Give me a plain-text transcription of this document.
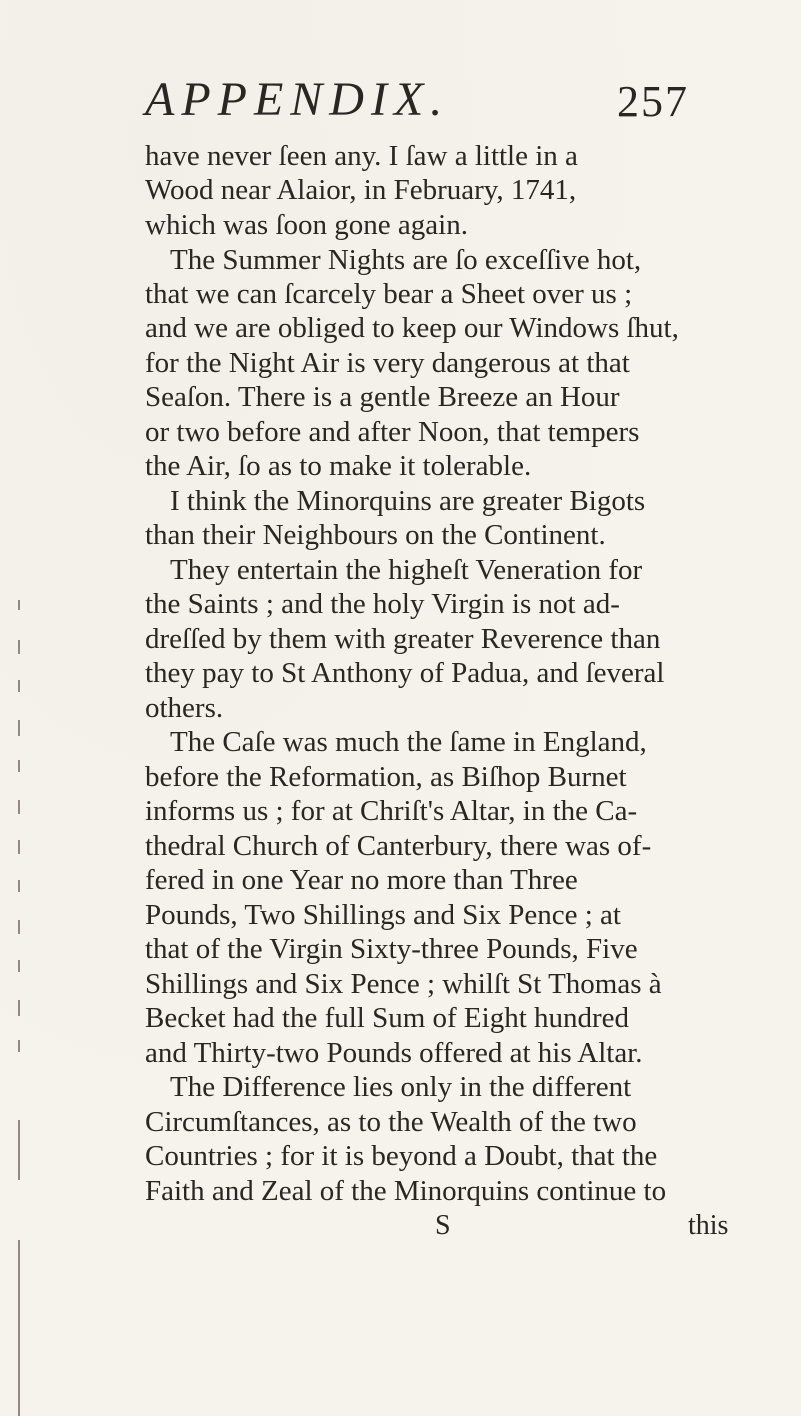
APPENDIX.	257
have never ſeen any. I ſaw a little in a
Wood near Alaior, in February, 1741,
which was ſoon gone again.
The Summer Nights are ſo exceſſive hot,
that we can ſcarcely bear a Sheet over us ;
and we are obliged to keep our Windows ſhut,
for the Night Air is very dangerous at that
Seaſon. There is a gentle Breeze an Hour
or two before and after Noon, that tempers
the Air, ſo as to make it tolerable.
I think the Minorquins are greater Bigots
than their Neighbours on the Continent.
They entertain the higheſt Veneration for
the Saints ; and the holy Virgin is not ad-
dreſſed by them with greater Reverence than
they pay to St Anthony of Padua, and ſeveral
others.
The Caſe was much the ſame in England,
before the Reformation, as Biſhop Burnet
informs us ; for at Chriſt's Altar, in the Ca-
thedral Church of Canterbury, there was of-
fered in one Year no more than Three
Pounds, Two Shillings and Six Pence ; at
that of the Virgin Sixty-three Pounds, Five
Shillings and Six Pence ; whilſt St Thomas à
Becket had the full Sum of Eight hundred
and Thirty-two Pounds offered at his Altar.
The Difference lies only in the different
Circumſtances, as to the Wealth of the two
Countries ; for it is beyond a Doubt, that the
Faith and Zeal of the Minorquins continue to
S	this
